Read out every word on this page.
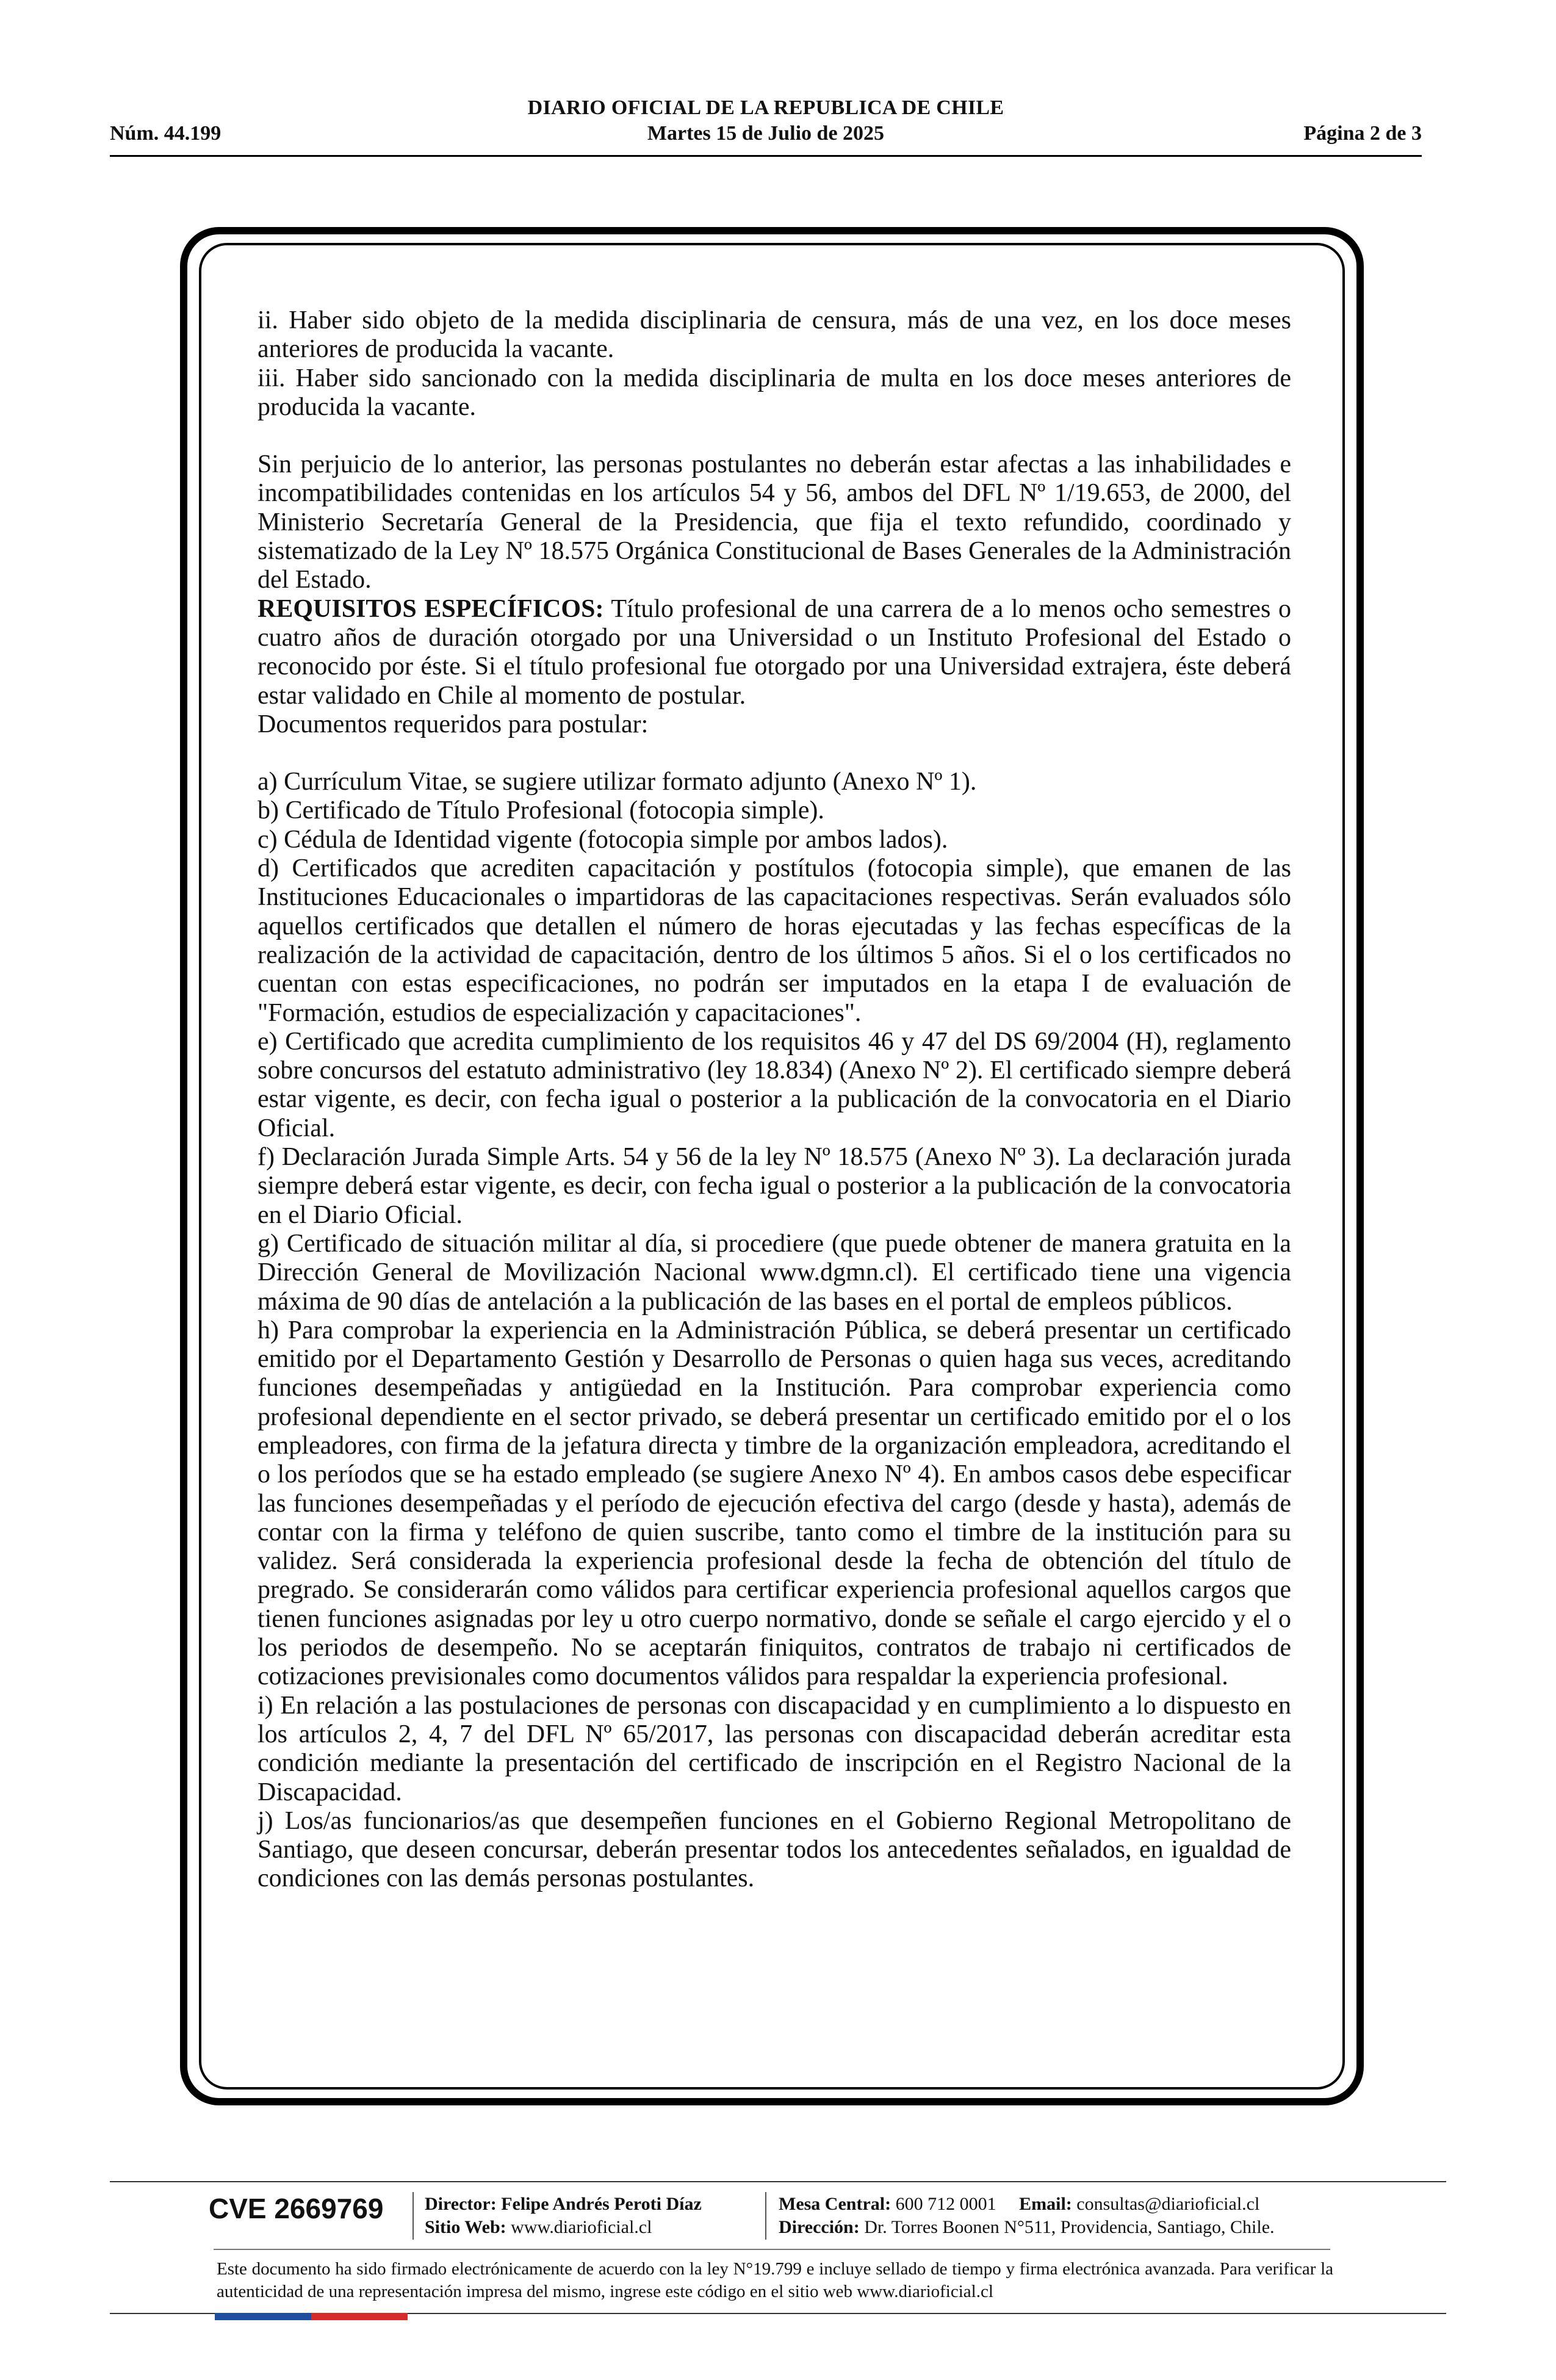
DIARIO OFICIAL DE LA REPUBLICA DE CHILE
Núm. 44.199	Martes 15 de Julio de 2025	Página 2 de 3

ii. Haber sido objeto de la medida disciplinaria de censura, más de una vez, en los doce meses anteriores de producida la vacante.

iii. Haber sido sancionado con la medida disciplinaria de multa en los doce meses anteriores de producida la vacante.

Sin perjuicio de lo anterior, las personas postulantes no deberán estar afectas a las inhabilidades e incompatibilidades contenidas en los artículos 54 y 56, ambos del DFL Nº 1/19.653, de 2000, del Ministerio Secretaría General de la Presidencia, que fija el texto refundido, coordinado y sistematizado de la Ley Nº 18.575 Orgánica Constitucional de Bases Generales de la Administración del Estado.

REQUISITOS ESPECÍFICOS: Título profesional de una carrera de a lo menos ocho semestres o cuatro años de duración otorgado por una Universidad o un Instituto Profesional del Estado o reconocido por éste. Si el título profesional fue otorgado por una Universidad extrajera, éste deberá estar validado en Chile al momento de postular.

Documentos requeridos para postular:

a) Currículum Vitae, se sugiere utilizar formato adjunto (Anexo Nº 1).

b) Certificado de Título Profesional (fotocopia simple).

c) Cédula de Identidad vigente (fotocopia simple por ambos lados).

d) Certificados que acrediten capacitación y postítulos (fotocopia simple), que emanen de las Instituciones Educacionales o impartidoras de las capacitaciones respectivas. Serán evaluados sólo aquellos certificados que detallen el número de horas ejecutadas y las fechas específicas de la realización de la actividad de capacitación, dentro de los últimos 5 años. Si el o los certificados no cuentan con estas especificaciones, no podrán ser imputados en la etapa I de evaluación de "Formación, estudios de especialización y capacitaciones".

e) Certificado que acredita cumplimiento de los requisitos 46 y 47 del DS 69/2004 (H), reglamento sobre concursos del estatuto administrativo (ley 18.834) (Anexo Nº 2). El certificado siempre deberá estar vigente, es decir, con fecha igual o posterior a la publicación de la convocatoria en el Diario Oficial.

f) Declaración Jurada Simple Arts. 54 y 56 de la ley Nº 18.575 (Anexo Nº 3). La declaración jurada siempre deberá estar vigente, es decir, con fecha igual o posterior a la publicación de la convocatoria en el Diario Oficial.

g) Certificado de situación militar al día, si procediere (que puede obtener de manera gratuita en la Dirección General de Movilización Nacional www.dgmn.cl). El certificado tiene una vigencia máxima de 90 días de antelación a la publicación de las bases en el portal de empleos públicos.

h) Para comprobar la experiencia en la Administración Pública, se deberá presentar un certificado emitido por el Departamento Gestión y Desarrollo de Personas o quien haga sus veces, acreditando funciones desempeñadas y antigüedad en la Institución. Para comprobar experiencia como profesional dependiente en el sector privado, se deberá presentar un certificado emitido por el o los empleadores, con firma de la jefatura directa y timbre de la organización empleadora, acreditando el o los períodos que se ha estado empleado (se sugiere Anexo Nº 4). En ambos casos debe especificar las funciones desempeñadas y el período de ejecución efectiva del cargo (desde y hasta), además de contar con la firma y teléfono de quien suscribe, tanto como el timbre de la institución para su validez. Será considerada la experiencia profesional desde la fecha de obtención del título de pregrado. Se considerarán como válidos para certificar experiencia profesional aquellos cargos que tienen funciones asignadas por ley u otro cuerpo normativo, donde se señale el cargo ejercido y el o los periodos de desempeño. No se aceptarán finiquitos, contratos de trabajo ni certificados de cotizaciones previsionales como documentos válidos para respaldar la experiencia profesional.

i) En relación a las postulaciones de personas con discapacidad y en cumplimiento a lo dispuesto en los artículos 2, 4, 7 del DFL Nº 65/2017, las personas con discapacidad deberán acreditar esta condición mediante la presentación del certificado de inscripción en el Registro Nacional de la Discapacidad.

j) Los/as funcionarios/as que desempeñen funciones en el Gobierno Regional Metropolitano de Santiago, que deseen concursar, deberán presentar todos los antecedentes señalados, en igualdad de condiciones con las demás personas postulantes.

CVE 2669769 Director: Felipe Andrés Peroti Díaz
Sitio Web: www.diarioficial.cl
Mesa Central: 600 712 0001 Email: consultas@diarioficial.cl
Dirección: Dr. Torres Boonen N°511, Providencia, Santiago, Chile.
Este documento ha sido firmado electrónicamente de acuerdo con la ley N°19.799 e incluye sellado de tiempo y firma electrónica avanzada. Para verificar la autenticidad de una representación impresa del mismo, ingrese este código en el sitio web www.diarioficial.cl
